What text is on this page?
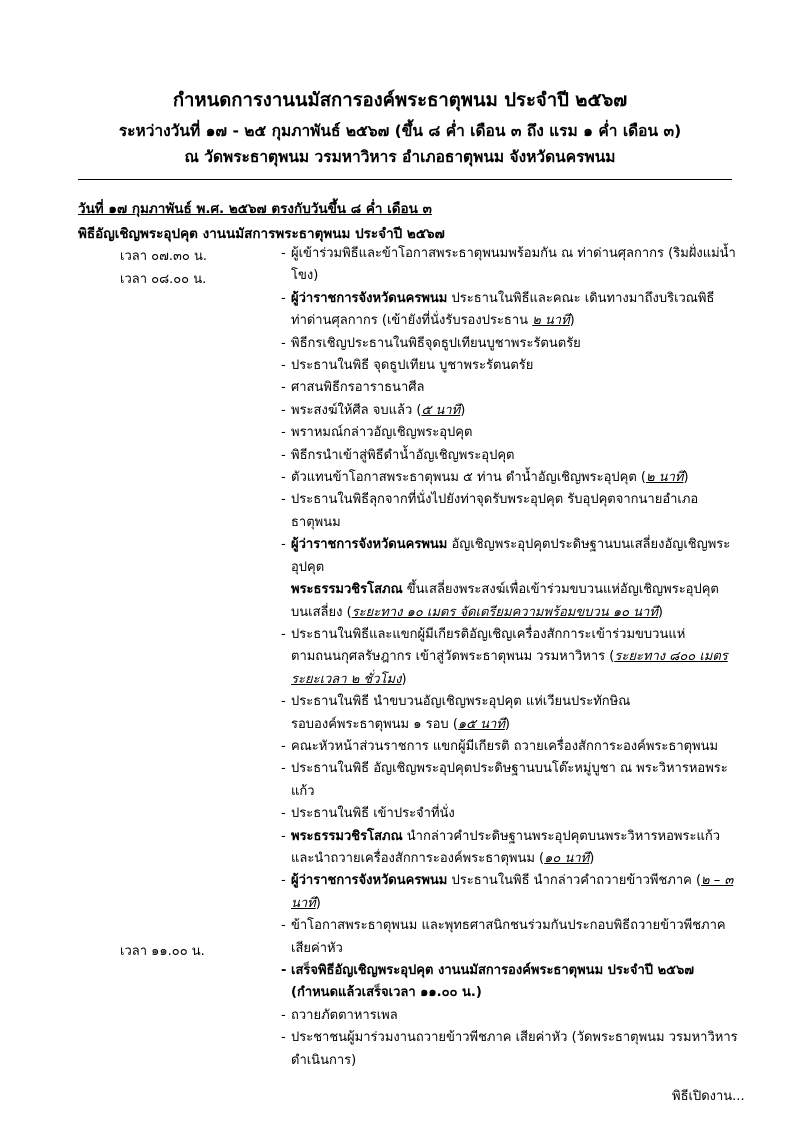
กำหนดการงานนมัสการองค์พระธาตุพนม ประจำปี ๒๕๖๗
ระหว่างวันที่ ๑๗ - ๒๕ กุมภาพันธ์ ๒๕๖๗ (ขึ้น ๘ ค่ำ เดือน ๓ ถึง แรม ๑ ค่ำ เดือน ๓)
ณ วัดพระธาตุพนม วรมหาวิหาร อำเภอธาตุพนม จังหวัดนครพนม
วันที่ ๑๗ กุมภาพันธ์ พ.ศ. ๒๕๖๗ ตรงกับวันขึ้น ๘ ค่ำ เดือน ๓
พิธีอัญเชิญพระอุปคุต งานนมัสการพระธาตุพนม ประจำปี ๒๕๖๗
เวลา ๐๗.๓๐ น.
เวลา ๐๘.๐๐ น.
เวลา ๑๑.๐๐ น.
- ผู้เข้าร่วมพิธีและข้าโอกาสพระธาตุพนมพร้อมกัน ณ ท่าด่านศุลกากร (ริมฝั่งแม่น้ำโขง)
- ผู้ว่าราชการจังหวัดนครพนม ประธานในพิธีและคณะ เดินทางมาถึงบริเวณพิธี
ท่าด่านศุลกากร (เข้ายังที่นั่งรับรองประธาน ๒ นาที)
- พิธีกรเชิญประธานในพิธีจุดธูปเทียนบูชาพระรัตนตรัย
- ประธานในพิธี จุดธูปเทียน บูชาพระรัตนตรัย
- ศาสนพิธีกรอาราธนาศีล
- พระสงฆ์ให้ศีล จบแล้ว (๕ นาที)
- พราหมณ์กล่าวอัญเชิญพระอุปคุต
- พิธีกรนำเข้าสู่พิธีดำน้ำอัญเชิญพระอุปคุต
- ตัวแทนข้าโอกาสพระธาตุพนม ๕ ท่าน ดำน้ำอัญเชิญพระอุปคุต (๒ นาที)
- ประธานในพิธีลุกจากที่นั่งไปยังท่าจุดรับพระอุปคุต รับอุปคุตจากนายอำเภอธาตุพนม
- ผู้ว่าราชการจังหวัดนครพนม อัญเชิญพระอุปคุตประดิษฐานบนเสลี่ยงอัญเชิญพระอุปคุต
พระธรรมวชิรโสภณ ขึ้นเสลี่ยงพระสงฆ์เพื่อเข้าร่วมขบวนแห่อัญเชิญพระอุปคุต
บนเสลี่ยง (ระยะทาง ๑๐ เมตร จัดเตรียมความพร้อมขบวน ๑๐ นาที)
- ประธานในพิธีและแขกผู้มีเกียรติอัญเชิญเครื่องสักการะเข้าร่วมขบวนแห่
ตามถนนกุศลรัษฎากร เข้าสู่วัดพระธาตุพนม วรมหาวิหาร (ระยะทาง ๘๐๐ เมตร
ระยะเวลา ๒ ชั่วโมง)
- ประธานในพิธี นำขบวนอัญเชิญพระอุปคุต แห่เวียนประทักษิณ
รอบองค์พระธาตุพนม ๑ รอบ (๑๕ นาที)
- คณะหัวหน้าส่วนราชการ แขกผู้มีเกียรติ ถวายเครื่องสักการะองค์พระธาตุพนม
- ประธานในพิธี อัญเชิญพระอุปคุตประดิษฐานบนโต๊ะหมู่บูชา ณ พระวิหารหอพระแก้ว
- ประธานในพิธี เข้าประจำที่นั่ง
- พระธรรมวชิรโสภณ นำกล่าวคำประดิษฐานพระอุปคุตบนพระวิหารหอพระแก้ว
และนำถวายเครื่องสักการะองค์พระธาตุพนม (๑๐ นาที)
- ผู้ว่าราชการจังหวัดนครพนม ประธานในพิธี นำกล่าวคำถวายข้าวพีชภาค (๒ – ๓ นาที)
- ข้าโอกาสพระธาตุพนม และพุทธศาสนิกชนร่วมกันประกอบพิธีถวายข้าวพีชภาค
เสียค่าหัว
- เสร็จพิธีอัญเชิญพระอุปคุต งานนมัสการองค์พระธาตุพนม ประจำปี ๒๕๖๗
(กำหนดแล้วเสร็จเวลา ๑๑.๐๐ น.)
- ถวายภัตตาหารเพล
- ประชาชนผู้มาร่วมงานถวายข้าวพีชภาค เสียค่าหัว (วัดพระธาตุพนม วรมหาวิหาร
ดำเนินการ)
พิธีเปิดงาน...
